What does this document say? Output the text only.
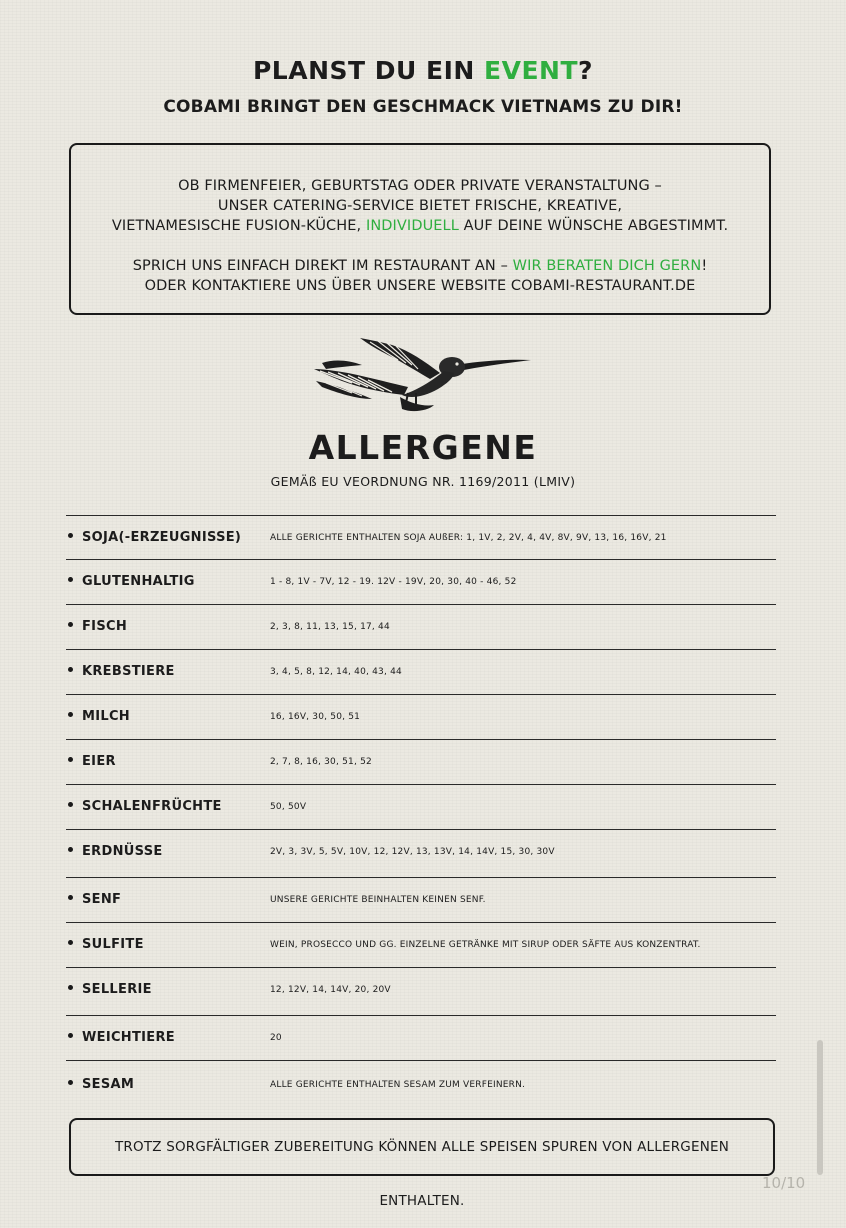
PLANST DU EIN EVENT?
COBAMI BRINGT DEN GESCHMACK VIETNAMS ZU DIR!

OB FIRMENFEIER, GEBURTSTAG ODER PRIVATE VERANSTALTUNG –

UNSER CATERING-SERVICE BIETET FRISCHE, KREATIVE,

VIETNAMESISCHE FUSION-KÜCHE, INDIVIDUELL AUF DEINE WÜNSCHE ABGESTIMMT.

SPRICH UNS EINFACH DIREKT IM RESTAURANT AN – WIR BERATEN DICH GERN!

ODER KONTAKTIERE UNS ÜBER UNSERE WEBSITE COBAMI-RESTAURANT.DE

ALLERGENE
GEMÄß EU VEORDNUNG NR. 1169/2011 (LMIV)
SOJA(-ERZEUGNISSE)	ALLE GERICHTE ENTHALTEN SOJA AUßER: 1, 1V, 2, 2V, 4, 4V, 8V, 9V, 13, 16, 16V, 21
GLUTENHALTIG	1 - 8, 1V - 7V, 12 - 19. 12V - 19V, 20, 30, 40 - 46, 52
FISCH	2, 3, 8, 11, 13, 15, 17, 44
KREBSTIERE	3, 4, 5, 8, 12, 14, 40, 43, 44
MILCH	16, 16V, 30, 50, 51
EIER	2, 7, 8, 16, 30, 51, 52
SCHALENFRÜCHTE	50, 50V
ERDNÜSSE	2V, 3, 3V, 5, 5V, 10V, 12, 12V, 13, 13V, 14, 14V, 15, 30, 30V
SENF	UNSERE GERICHTE BEINHALTEN KEINEN SENF.
SULFITE	WEIN, PROSECCO UND GG. EINZELNE GETRÄNKE MIT SIRUP ODER SÄFTE AUS KONZENTRAT.
SELLERIE	12, 12V, 14, 14V, 20, 20V
WEICHTIERE	20
SESAM	ALLE GERICHTE ENTHALTEN SESAM ZUM VERFEINERN.
TROTZ SORGFÄLTIGER ZUBEREITUNG KÖNNEN ALLE SPEISEN SPUREN VON ALLERGENEN ENTHALTEN.
10/10
